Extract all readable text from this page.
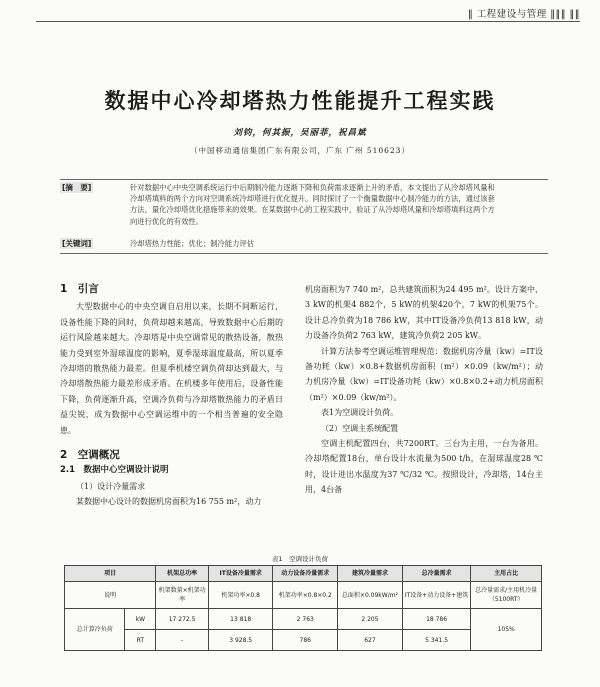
‖ 工程建设与管理 ‖‖‖ ‖‖
数据中心冷却塔热力性能提升工程实践
刘钧，何其振，吴丽菲，祝昌斌
（中国移动通信集团广东有限公司，广东 广州 510623）
[摘　要]	针对数据中心中央空调系统运行中后期制冷能力逐渐下降和负荷需求逐渐上升的矛盾，本文提出了从冷却塔风量和
冷却塔填料的两个方向对空调系统冷却塔进行优化提升。同时探讨了一个衡量数据中心制冷能力的方法，通过该套
方法，量化冷却塔优化措施带来的效果。在某数据中心的工程实践中，验证了从冷却塔风量和冷却塔填料这两个方
向进行优化的有效性。
[关键词]	冷却塔热力性能；优化；制冷能力评估

1　引言

大型数据中心的中央空调自启用以来，长期不间断运行，设备性能下降的同时，负荷却越来越高，导致数据中心后期的运行风险越来越大。冷却塔是中央空调常见的散热设备，散热能力受到室外湿球温度的影响，夏季湿球温度最高，所以夏季冷却塔的散热能力最差。但夏季机楼空调负荷却达到最大，与冷却塔散热能力最差形成矛盾。在机楼多年使用后，设备性能下降，负荷逐渐升高，空调冷负荷与冷却塔散热能力的矛盾日益尖锐，成为数据中心空调运维中的一个相当普遍的安全隐患。

2　空调概况

2.1　数据中心空调设计说明

（1）设计冷量需求

某数据中心设计的数据机房面积为16 755 m²，动力

机房面积为7 740 m²，总共建筑面积为24 495 m²。设计方案中，3 kW的机架4 882个，5 kW的机架420个，7 kW的机架75个。设计总冷负荷为18 786 kW，其中IT设备冷负荷13 818 kW，动力设备冷负荷2 763 kW，建筑冷负荷2 205 kW。

计算方法参考空调运维管理规范：数据机房冷量（kw）=IT设备功耗（kw）×0.8+数据机房面积（m²）×0.09（kw/m²）；动力机房冷量（kw）=IT设备功耗（kw）×0.8×0.2+动力机房面积（m²）×0.09（kw/m²）。

表1为空调设计负荷。

（2）空调主系统配置

空调主机配置四台，共7200RT。三台为主用，一台为备用。冷却塔配置18台，单台设计水流量为500 t/h，在湿球温度28 ℃时，设计进出水温度为37 ℃/32 ℃。按照设计，冷却塔，14台主用，4台备

表1　空调设计负荷
项目		机架总功率	IT设备冷量需求	动力设备冷量需求	建筑冷量需求	总冷量需求	主用占比
说明		机架数量×机架功率	机架功率×0.8	机架功率×0.8×0.2	总面积×0.09kW/m²	IT设备+动力设备+建筑	总冷量需求/主用机冷量（5100RT）
总计算冷负荷	kW	17 272.5	13 818	2 763	2 205	18 786	105%
	RT	-	3 928.5	786	627	5 341.5	
